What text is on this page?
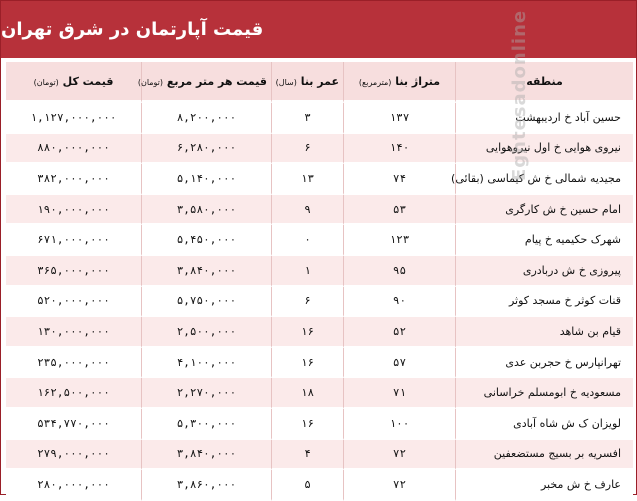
قیمت آپارتمان در شرق تهران
منطقه	متراژ بنا (مترمربع)	عمر بنا (سال)	قیمت هر متر مربع (تومان)	قیمت کل (تومان)
حسین آباد خ اردیبهشت	۱۳۷	۳	۸,۲۰۰,۰۰۰	۱,۱۲۷,۰۰۰,۰۰۰
نیروی هوایی خ اول نیروهوایی	۱۴۰	۶	۶,۲۸۰,۰۰۰	۸۸۰,۰۰۰,۰۰۰
مجیدیه شمالی خ ش کیماسی (بقائی)	۷۴	۱۳	۵,۱۴۰,۰۰۰	۳۸۲,۰۰۰,۰۰۰
امام حسین خ ش کارگری	۵۳	۹	۳,۵۸۰,۰۰۰	۱۹۰,۰۰۰,۰۰۰
شهرک حکیمیه خ پیام	۱۲۳	۰	۵,۴۵۰,۰۰۰	۶۷۱,۰۰۰,۰۰۰
پیروزی خ ش دربادری	۹۵	۱	۳,۸۴۰,۰۰۰	۳۶۵,۰۰۰,۰۰۰
قنات کوثر خ مسجد کوثر	۹۰	۶	۵,۷۵۰,۰۰۰	۵۲۰,۰۰۰,۰۰۰
قیام بن شاهد	۵۲	۱۶	۲,۵۰۰,۰۰۰	۱۳۰,۰۰۰,۰۰۰
تهرانپارس خ حجربن عدی	۵۷	۱۶	۴,۱۰۰,۰۰۰	۲۳۵,۰۰۰,۰۰۰
مسعودیه خ ابومسلم خراسانی	۷۱	۱۸	۲,۲۷۰,۰۰۰	۱۶۲,۵۰۰,۰۰۰
لویزان ک ش شاه آبادی	۱۰۰	۱۶	۵,۳۰۰,۰۰۰	۵۳۴,۷۷۰,۰۰۰
افسریه بر بسیج مستضعفین	۷۲	۴	۳,۸۴۰,۰۰۰	۲۷۹,۰۰۰,۰۰۰
عارف خ ش مخبر	۷۲	۵	۳,۸۶۰,۰۰۰	۲۸۰,۰۰۰,۰۰۰
Eghtesadonline
